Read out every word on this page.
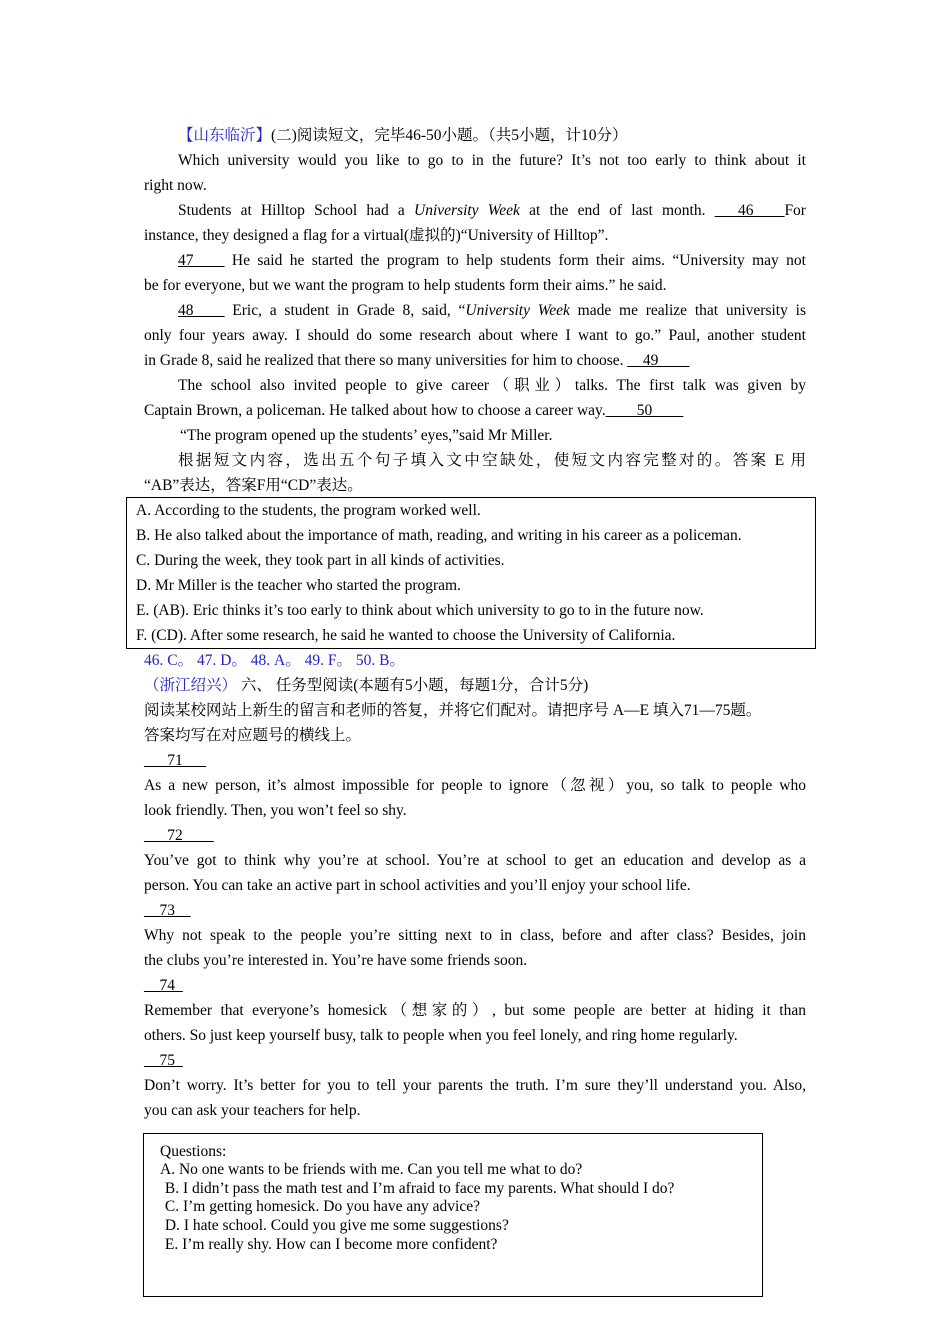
【山东临沂】(二)阅读短文，完毕46-50小题。（共5小题，计10分）
Which university would you like to go to in the future? It’s not too early to think about it
right now.
Students at Hilltop School had a University Week at the end of last month. ___46____For
instance, they designed a flag for a virtual(虚拟的)“University of Hilltop”.
47____ He said he started the program to help students form their aims. “University may not
be for everyone, but we want the program to help students form their aims.” he said.
48____ Eric, a student in Grade 8, said, “University Week made me realize that university is
only four years away. I should do some research about where I want to go.” Paul, another student
in Grade 8, said he realized that there so many universities for him to choose. __49____
The school also invited people to give career（职业）talks. The first talk was given by
Captain Brown, a policeman. He talked about how to choose a career way.____50____
“The program opened up the students’ eyes,”said Mr Miller.
根据短文内容，选出五个句子填入文中空缺处，使短文内容完整对的。答案 E 用
“AB”表达，答案F用“CD”表达。
A. According to the students, the program worked well.
B. He also talked about the importance of math, reading, and writing in his career as a policeman.
C. During the week, they took part in all kinds of activities.
D. Mr Miller is the teacher who started the program.
E. (AB). Eric thinks it’s too early to think about which university to go to in the future now.
F. (CD). After some research, he said he wanted to choose the University of California.
46. C。 47. D。 48. A。 49. F。 50. B。
（浙江绍兴） 六、 任务型阅读(本题有5小题，每题1分，合计5分)
阅读某校网站上新生的留言和老师的答复，并将它们配对。请把序号 A—E 填入71—75题。
答案均写在对应题号的横线上。
___71___
As a new person, it’s almost impossible for people to ignore（忽视）you, so talk to people who
look friendly. Then, you won’t feel so shy.
___72____
You’ve got to think why you’re at school. You’re at school to get an education and develop as a
person. You can take an active part in school activities and you’ll enjoy your school life.
__73__
Why not speak to the people you’re sitting next to in class, before and after class? Besides, join
the clubs you’re interested in. You’re have some friends soon.
__74_
Remember that everyone’s homesick（想家的）, but some people are better at hiding it than
others. So just keep yourself busy, talk to people when you feel lonely, and ring home regularly.
__75_
Don’t worry. It’s better for you to tell your parents the truth. I’m sure they’ll understand you. Also,
you can ask your teachers for help.
Questions:
A. No one wants to be friends with me. Can you tell me what to do?
B. I didn’t pass the math test and I’m afraid to face my parents. What should I do?
C. I’m getting homesick. Do you have any advice?
D. I hate school. Could you give me some suggestions?
E. I’m really shy. How can I become more confident?
